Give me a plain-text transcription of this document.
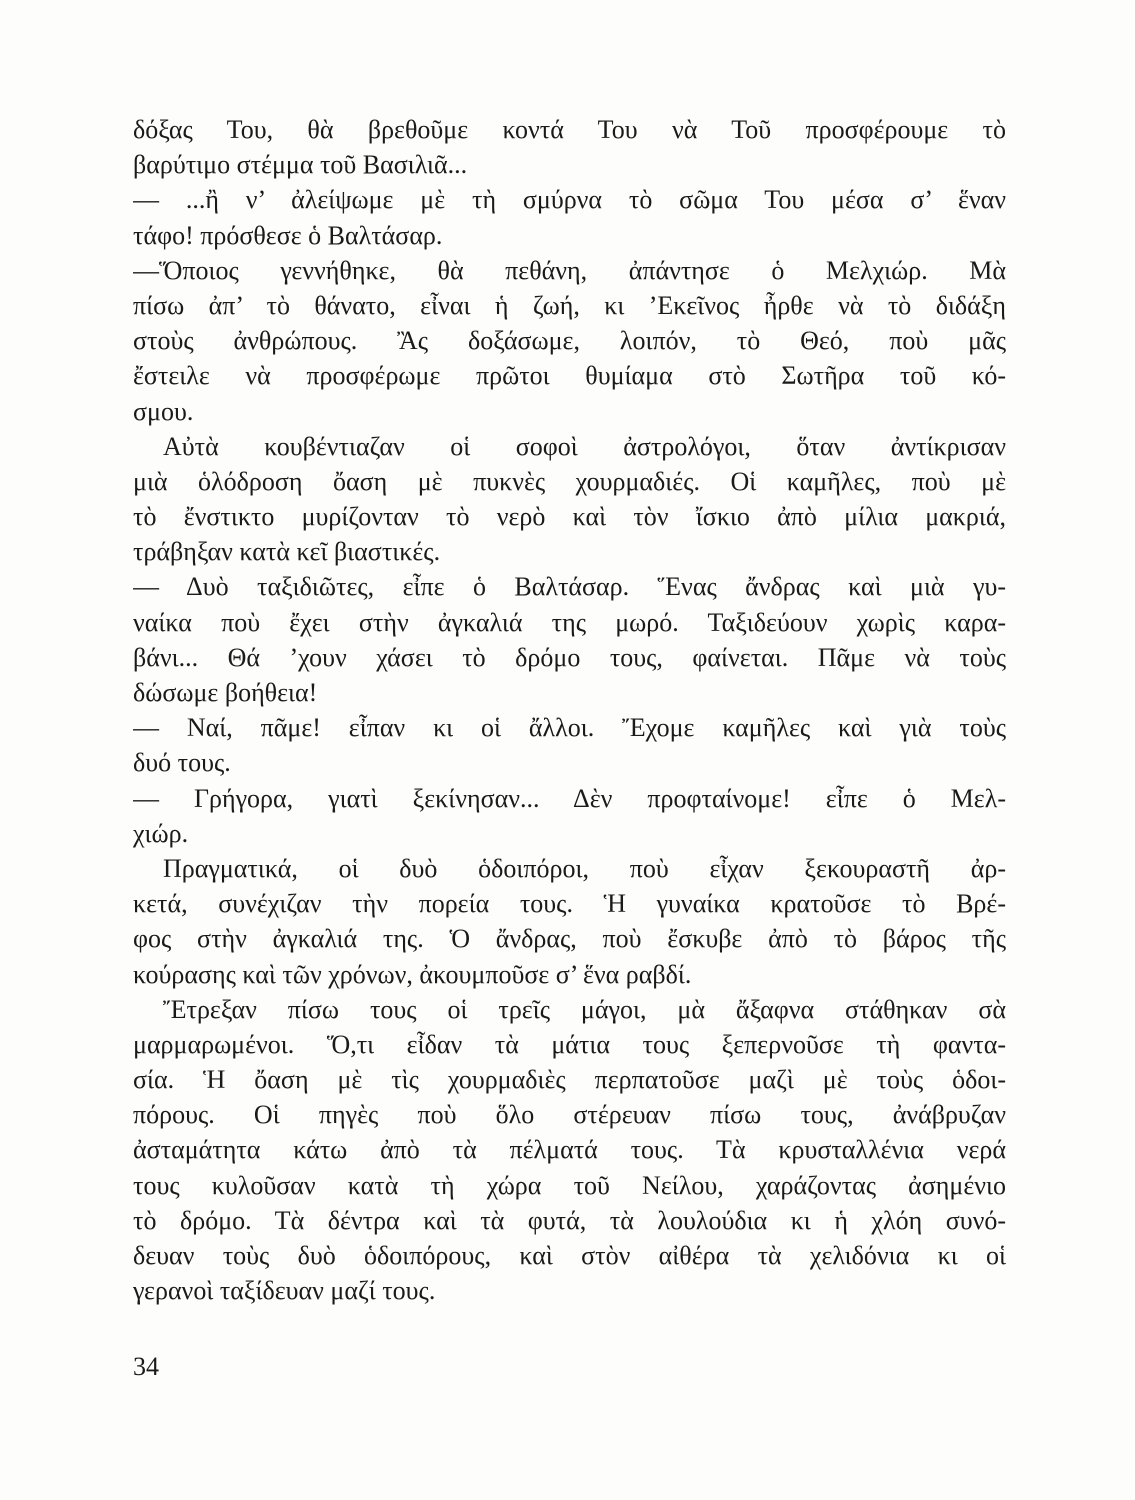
δόξας Του, θὰ βρεθοῦμε κοντά Του νὰ Τοῦ προσφέρουμε τὸ
βαρύτιμο στέμμα τοῦ Βασιλιᾶ...
— ...ἢ ν’ ἀλείψωμε μὲ τὴ σμύρνα τὸ σῶμα Του μέσα σ’ ἕναν
τάφο! πρόσθεσε ὁ Βαλτάσαρ.
—Ὅποιος γεννήθηκε, θὰ πεθάνη, ἀπάντησε ὁ Μελχιώρ. Μὰ
πίσω ἀπ’ τὸ θάνατο, εἶναι ἡ ζωή, κι ’Εκεῖνος ἦρθε νὰ τὸ διδάξη
στοὺς ἀνθρώπους. Ἂς δοξάσωμε, λοιπόν, τὸ Θεό, ποὺ μᾶς
ἔστειλε νὰ προσφέρωμε πρῶτοι θυμίαμα στὸ Σωτῆρα τοῦ κό-
σμου.
Αὐτὰ κουβέντιαζαν οἱ σοφοὶ ἀστρολόγοι, ὅταν ἀντίκρισαν
μιὰ ὁλόδροση ὄαση μὲ πυκνὲς χουρμαδιές. Οἱ καμῆλες, ποὺ μὲ
τὸ ἔνστικτο μυρίζονταν τὸ νερὸ καὶ τὸν ἴσκιο ἀπὸ μίλια μακριά,
τράβηξαν κατὰ κεῖ βιαστικές.
— Δυὸ ταξιδιῶτες, εἶπε ὁ Βαλτάσαρ. Ἕνας ἄνδρας καὶ μιὰ γυ-
ναίκα ποὺ ἔχει στὴν ἀγκαλιά της μωρό. Ταξιδεύουν χωρὶς καρα-
βάνι... Θά ’χουν χάσει τὸ δρόμο τους, φαίνεται. Πᾶμε νὰ τοὺς
δώσωμε βοήθεια!
— Ναί, πᾶμε! εἶπαν κι οἱ ἄλλοι. Ἔχομε καμῆλες καὶ γιὰ τοὺς
δυό τους.
— Γρήγορα, γιατὶ ξεκίνησαν... Δὲν προφταίνομε! εἶπε ὁ Μελ-
χιώρ.
Πραγματικά, οἱ δυὸ ὁδοιπόροι, ποὺ εἶχαν ξεκουραστῆ ἀρ-
κετά, συνέχιζαν τὴν πορεία τους. Ἡ γυναίκα κρατοῦσε τὸ Βρέ-
φος στὴν ἀγκαλιά της. Ὁ ἄνδρας, ποὺ ἔσκυβε ἀπὸ τὸ βάρος τῆς
κούρασης καὶ τῶν χρόνων, ἀκουμποῦσε σ’ ἕνα ραβδί.
Ἔτρεξαν πίσω τους οἱ τρεῖς μάγοι, μὰ ἄξαφνα στάθηκαν σὰ
μαρμαρωμένοι. Ὅ,τι εἶδαν τὰ μάτια τους ξεπερνοῦσε τὴ φαντα-
σία. Ἡ ὄαση μὲ τὶς χουρμαδιὲς περπατοῦσε μαζὶ μὲ τοὺς ὁδοι-
πόρους. Οἱ πηγὲς ποὺ ὅλο στέρευαν πίσω τους, ἀνάβρυζαν
ἀσταμάτητα κάτω ἀπὸ τὰ πέλματά τους. Τὰ κρυσταλλένια νερά
τους κυλοῦσαν κατὰ τὴ χώρα τοῦ Νείλου, χαράζοντας ἀσημένιο
τὸ δρόμο. Τὰ δέντρα καὶ τὰ φυτά, τὰ λουλούδια κι ἡ χλόη συνό-
δευαν τοὺς δυὸ ὁδοιπόρους, καὶ στὸν αἰθέρα τὰ χελιδόνια κι οἱ
γερανοὶ ταξίδευαν μαζί τους.
34
